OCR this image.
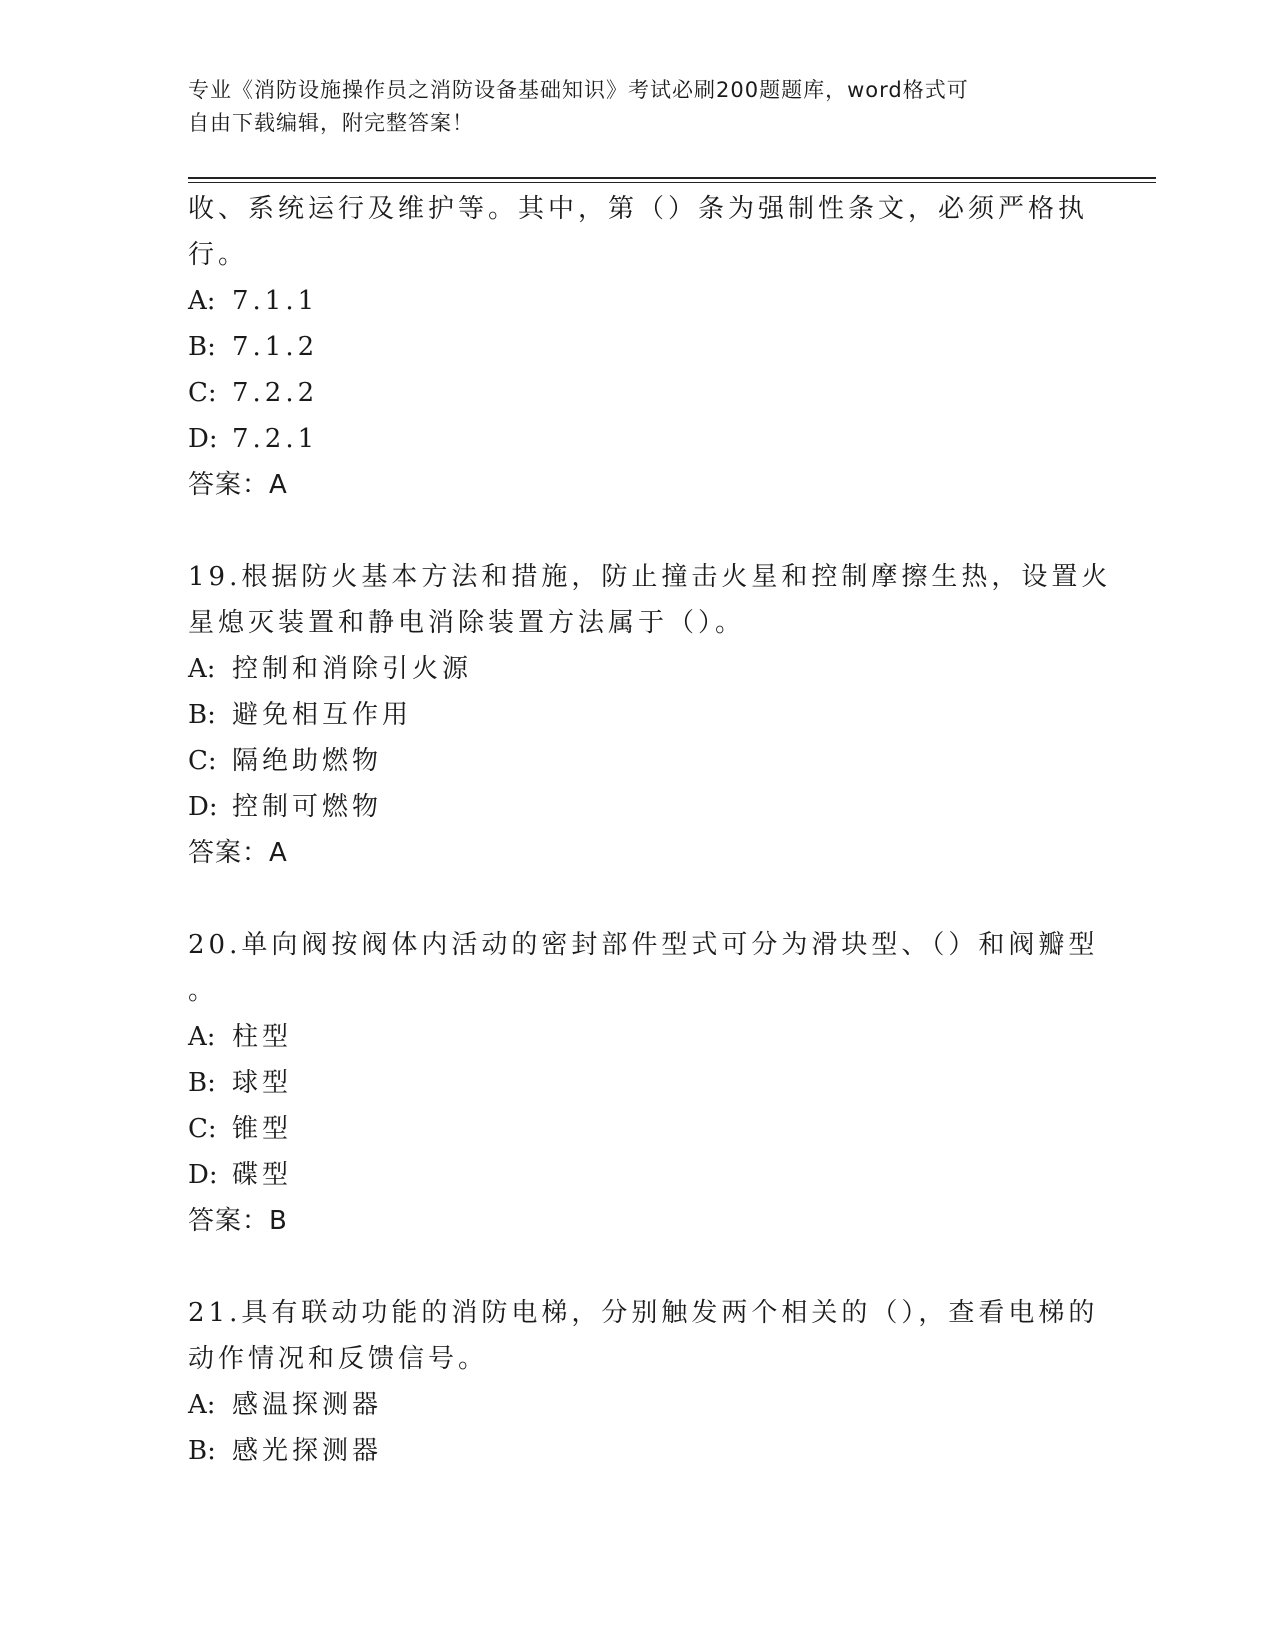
专业《消防设施操作员之消防设备基础知识》考试必刷200题题库，word格式可
自由下载编辑，附完整答案！
收、系统运行及维护等。其中，第（）条为强制性条文，必须严格执
行。
A: 7.1.1
B: 7.1.2
C: 7.2.2
D: 7.2.1
答案：A
19.根据防火基本方法和措施，防止撞击火星和控制摩擦生热，设置火
星熄灭装置和静电消除装置方法属于（）。
A: 控制和消除引火源
B: 避免相互作用
C: 隔绝助燃物
D: 控制可燃物
答案：A
20.单向阀按阀体内活动的密封部件型式可分为滑块型、（）和阀瓣型
。
A: 柱型
B: 球型
C: 锥型
D: 碟型
答案：B
21.具有联动功能的消防电梯，分别触发两个相关的（），查看电梯的
动作情况和反馈信号。
A: 感温探测器
B: 感光探测器
